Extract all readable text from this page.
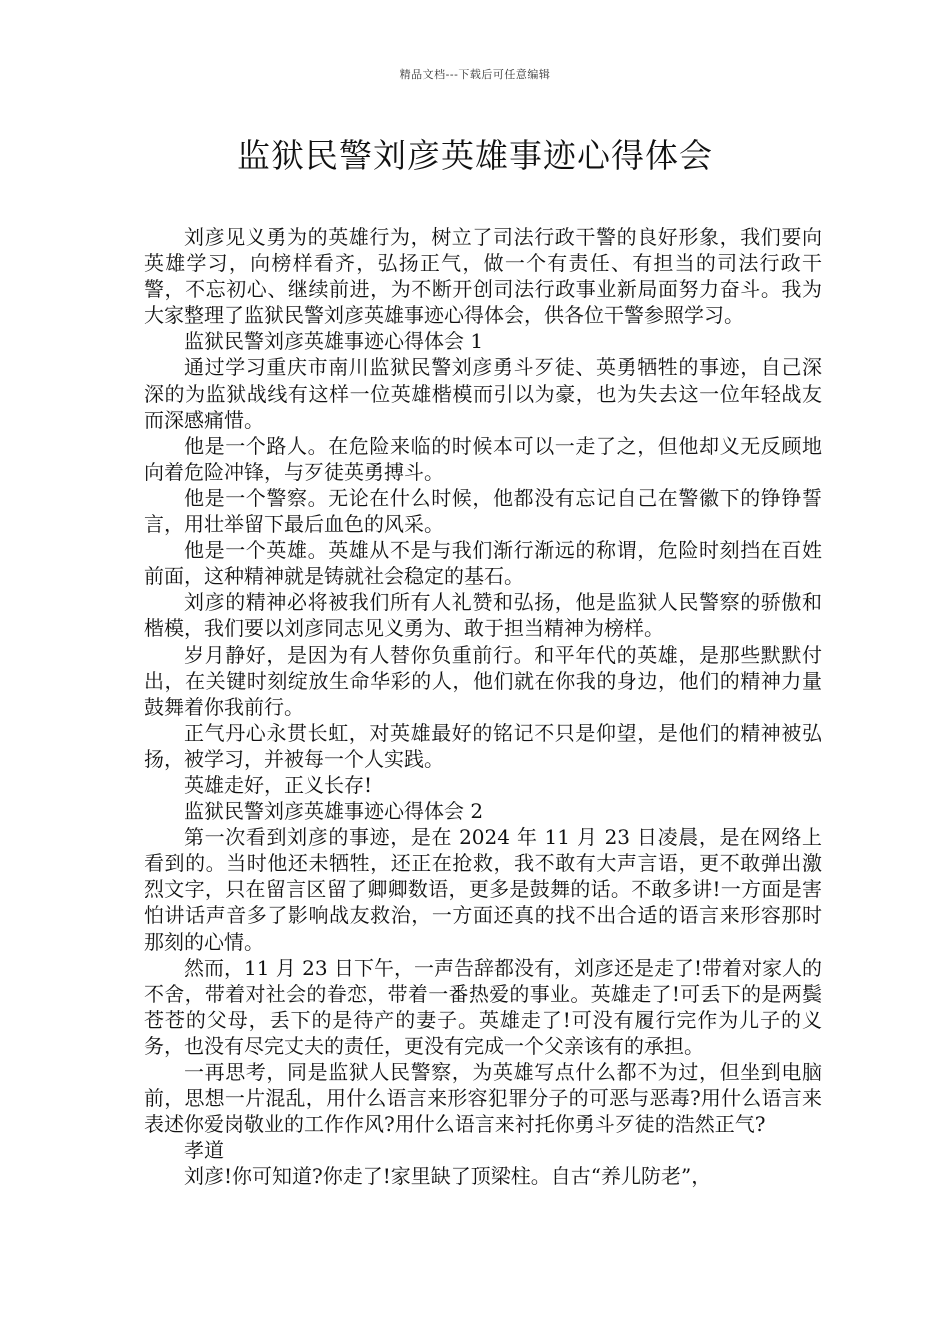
精品文档---下载后可任意编辑
监狱民警刘彦英雄事迹心得体会

刘彦见义勇为的英雄行为，树立了司法行政干警的良好形象，我们要向英雄学习，向榜样看齐，弘扬正气，做一个有责任、有担当的司法行政干警，不忘初心、继续前进，为不断开创司法行政事业新局面努力奋斗。我为大家整理了监狱民警刘彦英雄事迹心得体会，供各位干警参照学习。

监狱民警刘彦英雄事迹心得体会 1

通过学习重庆市南川监狱民警刘彦勇斗歹徒、英勇牺牲的事迹，自己深深的为监狱战线有这样一位英雄楷模而引以为豪，也为失去这一位年轻战友而深感痛惜。

他是一个路人。在危险来临的时候本可以一走了之，但他却义无反顾地向着危险冲锋，与歹徒英勇搏斗。

他是一个警察。无论在什么时候，他都没有忘记自己在警徽下的铮铮誓言，用壮举留下最后血色的风采。

他是一个英雄。英雄从不是与我们渐行渐远的称谓，危险时刻挡在百姓前面，这种精神就是铸就社会稳定的基石。

刘彦的精神必将被我们所有人礼赞和弘扬，他是监狱人民警察的骄傲和楷模，我们要以刘彦同志见义勇为、敢于担当精神为榜样。

岁月静好，是因为有人替你负重前行。和平年代的英雄，是那些默默付出，在关键时刻绽放生命华彩的人，他们就在你我的身边，他们的精神力量鼓舞着你我前行。

正气丹心永贯长虹，对英雄最好的铭记不只是仰望，是他们的精神被弘扬，被学习，并被每一个人实践。

英雄走好，正义长存!

监狱民警刘彦英雄事迹心得体会 2

第一次看到刘彦的事迹，是在 2024 年 11 月 23 日凌晨，是在网络上看到的。当时他还未牺牲，还正在抢救，我不敢有大声言语，更不敢弹出激烈文字，只在留言区留了卿卿数语，更多是鼓舞的话。不敢多讲!一方面是害怕讲话声音多了影响战友救治，一方面还真的找不出合适的语言来形容那时那刻的心情。

然而，11 月 23 日下午，一声告辞都没有，刘彦还是走了!带着对家人的不舍，带着对社会的眷恋，带着一番热爱的事业。英雄走了!可丢下的是两鬓苍苍的父母，丢下的是待产的妻子。英雄走了!可没有履行完作为儿子的义务，也没有尽完丈夫的责任，更没有完成一个父亲该有的承担。

一再思考，同是监狱人民警察，为英雄写点什么都不为过，但坐到电脑前，思想一片混乱，用什么语言来形容犯罪分子的可恶与恶毒?用什么语言来表述你爱岗敬业的工作作风?用什么语言来衬托你勇斗歹徒的浩然正气?

孝道

刘彦!你可知道?你走了!家里缺了顶梁柱。自古“养儿防老”，
